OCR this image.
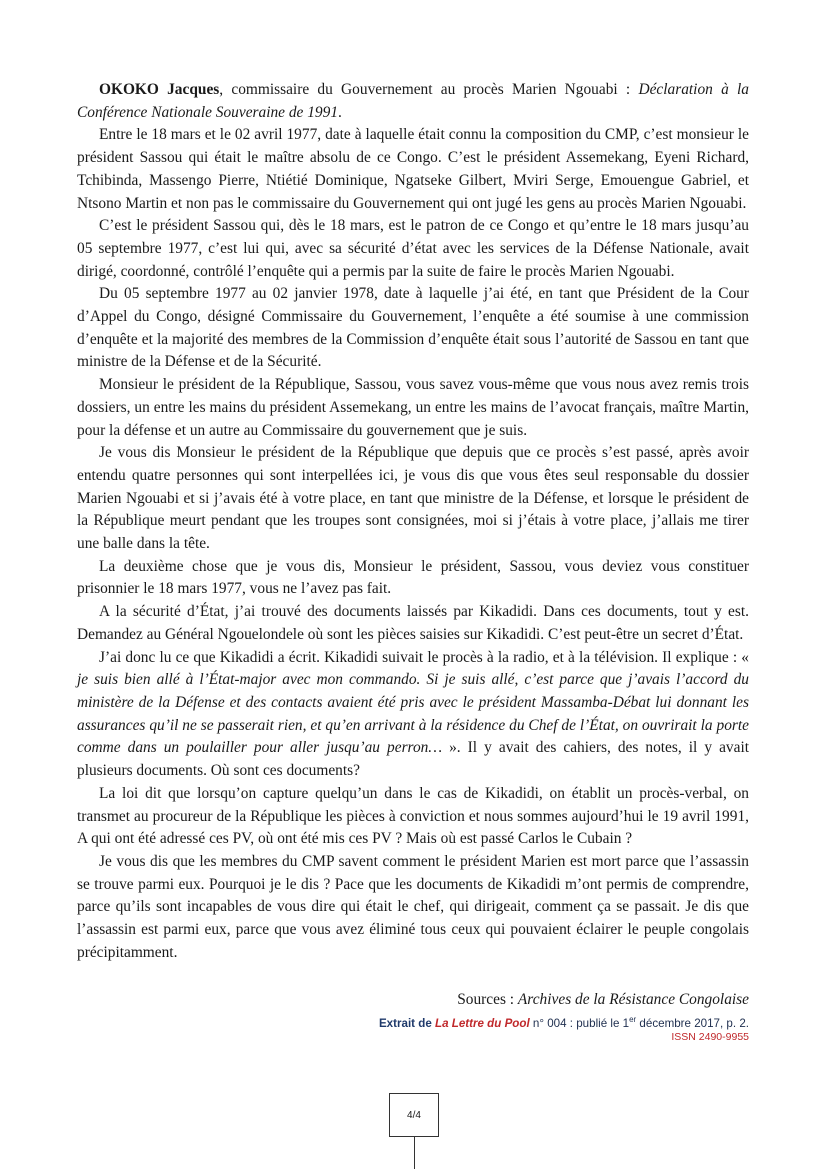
OKOKO Jacques, commissaire du Gouvernement au procès Marien Ngouabi : Déclaration à la Conférence Nationale Souveraine de 1991.

Entre le 18 mars et le 02 avril 1977, date à laquelle était connu la composition du CMP, c’est monsieur le président Sassou qui était le maître absolu de ce Congo. C’est le président Assemekang, Eyeni Richard, Tchibinda, Massengo Pierre, Ntiétié Dominique, Ngatseke Gilbert, Mviri Serge, Emouengue Gabriel, et Ntsono Martin et non pas le commissaire du Gouvernement qui ont jugé les gens au procès Marien Ngouabi.

C’est le président Sassou qui, dès le 18 mars, est le patron de ce Congo et qu’entre le 18 mars jusqu’au 05 septembre 1977, c’est lui qui, avec sa sécurité d’état avec les services de la Défense Nationale, avait dirigé, coordonné, contrôlé l’enquête qui a permis par la suite de faire le procès Marien Ngouabi.

Du 05 septembre 1977 au 02 janvier 1978, date à laquelle j’ai été, en tant que Président de la Cour d’Appel du Congo, désigné Commissaire du Gouvernement, l’enquête a été soumise à une commission d’enquête et la majorité des membres de la Commission d’enquête était sous l’autorité de Sassou en tant que ministre de la Défense et de la Sécurité.

Monsieur le président de la République, Sassou, vous savez vous-même que vous nous avez remis trois dossiers, un entre les mains du président Assemekang, un entre les mains de l’avocat français, maître Martin, pour la défense et un autre au Commissaire du gouvernement que je suis.

Je vous dis Monsieur le président de la République que depuis que ce procès s’est passé, après avoir entendu quatre personnes qui sont interpellées ici, je vous dis que vous êtes seul responsable du dossier Marien Ngouabi et si j’avais été à votre place, en tant que ministre de la Défense, et lorsque le président de la République meurt pendant que les troupes sont consignées, moi si j’étais à votre place, j’allais me tirer une balle dans la tête.

La deuxième chose que je vous dis, Monsieur le président, Sassou, vous deviez vous constituer prisonnier le 18 mars 1977, vous ne l’avez pas fait.

A la sécurité d’État, j’ai trouvé des documents laissés par Kikadidi. Dans ces documents, tout y est. Demandez au Général Ngouelondele où sont les pièces saisies sur Kikadidi. C’est peut-être un secret d’État.

J’ai donc lu ce que Kikadidi a écrit. Kikadidi suivait le procès à la radio, et à la télévision. Il explique : « je suis bien allé à l’État-major avec mon commando. Si je suis allé, c’est parce que j’avais l’accord du ministère de la Défense et des contacts avaient été pris avec le président Massamba-Débat lui donnant les assurances qu’il ne se passerait rien, et qu’en arrivant à la résidence du Chef de l’État, on ouvrirait la porte comme dans un poulailler pour aller jusqu’au perron… ». Il y avait des cahiers, des notes, il y avait plusieurs documents. Où sont ces documents?

La loi dit que lorsqu’on capture quelqu’un dans le cas de Kikadidi, on établit un procès-verbal, on transmet au procureur de la République les pièces à conviction et nous sommes aujourd’hui le 19 avril 1991, A qui ont été adressé ces PV, où ont été mis ces PV ? Mais où est passé Carlos le Cubain ?

Je vous dis que les membres du CMP savent comment le président Marien est mort parce que l’assassin se trouve parmi eux. Pourquoi je le dis ? Pace que les documents de Kikadidi m’ont permis de comprendre, parce qu’ils sont incapables de vous dire qui était le chef, qui dirigeait, comment ça se passait. Je dis que l’assassin est parmi eux, parce que vous avez éliminé tous ceux qui pouvaient éclairer le peuple congolais précipitamment.

Sources : Archives de la Résistance Congolaise
Extrait de La Lettre du Pool n° 004 : publié le 1er décembre 2017, p. 2.
ISSN 2490-9955
4/4
